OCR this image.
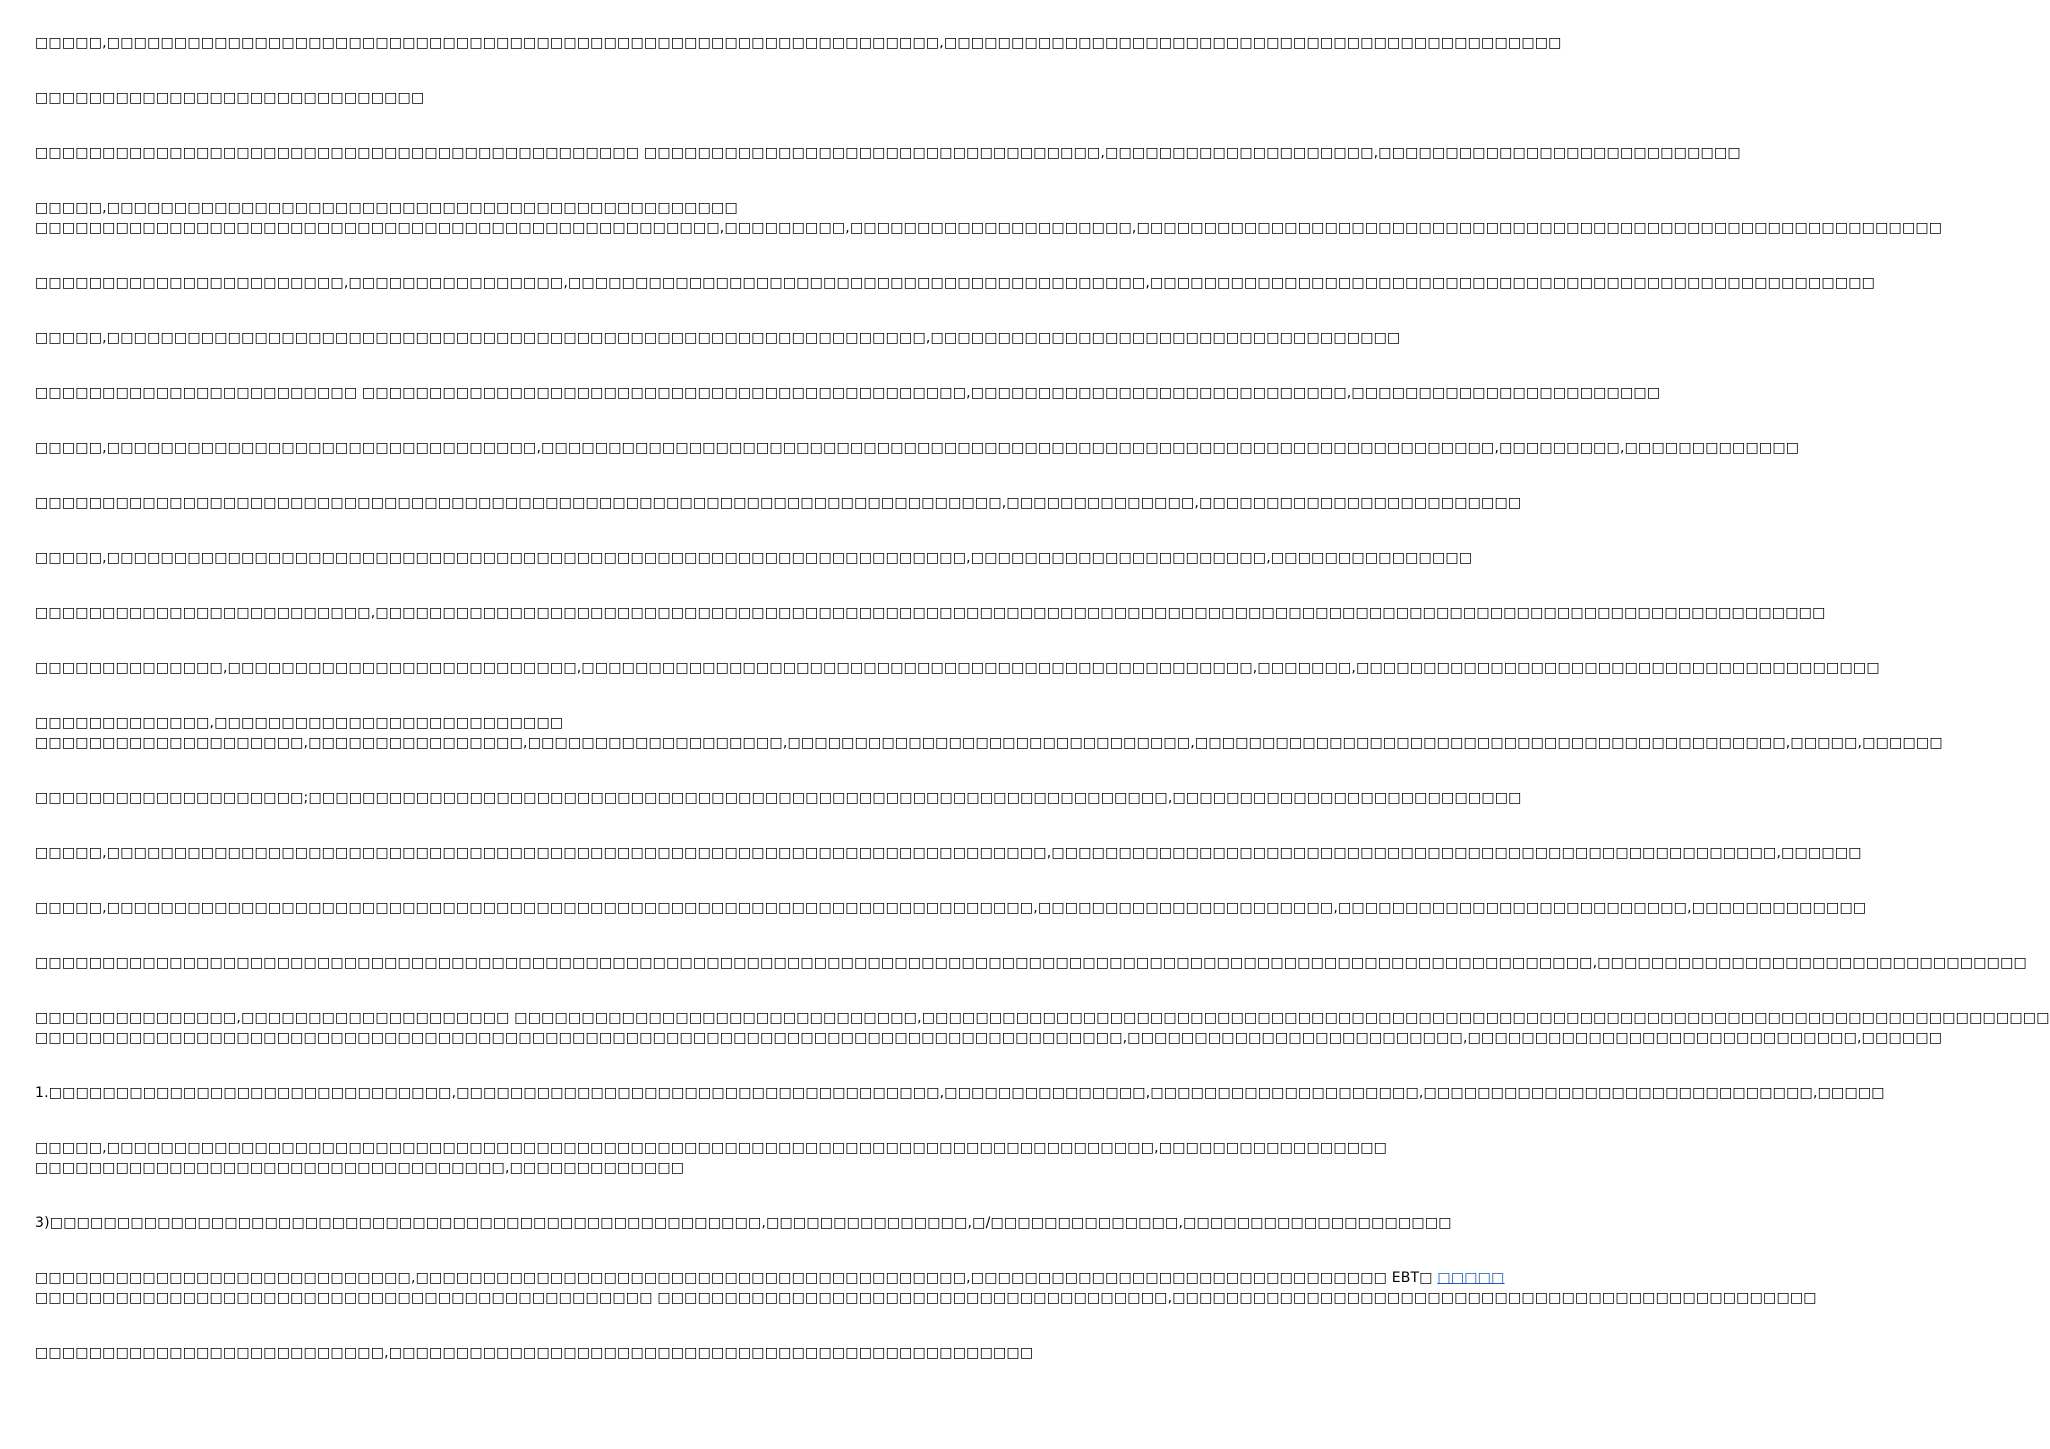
□□□□□,□□□□□□□□□□□□□□□□□□□□□□□□□□□□□□□□□□□□□□□□□□□□□□□□□□□□□□□□□□□□□□,□□□□□□□□□□□□□□□□□□□□□□□□□□□□□□□□□□□□□□□□□□□□□□
□□□□□□□□□□□□□□□□□□□□□□□□□□□□□
□□□□□□□□□□□□□□□□□□□□□□□□□□□□□□□□□□□□□□□□□□□□□ □□□□□□□□□□□□□□□□□□□□□□□□□□□□□□□□□□,□□□□□□□□□□□□□□□□□□□□,□□□□□□□□□□□□□□□□□□□□□□□□□□□
□□□□□,□□□□□□□□□□□□□□□□□□□□□□□□□□□□□□□□□□□□□□□□□□□□□□□
□□□□□□□□□□□□□□□□□□□□□□□□□□□□□□□□□□□□□□□□□□□□□□□□□□□,□□□□□□□□□,□□□□□□□□□□□□□□□□□□□□□,□□□□□□□□□□□□□□□□□□□□□□□□□□□□□□□□□□□□□□□□□□□□□□□□□□□□□□□□□□□□
□□□□□□□□□□□□□□□□□□□□□□□,□□□□□□□□□□□□□□□□,□□□□□□□□□□□□□□□□□□□□□□□□□□□□□□□□□□□□□□□□□□□,□□□□□□□□□□□□□□□□□□□□□□□□□□□□□□□□□□□□□□□□□□□□□□□□□□□□□□
□□□□□,□□□□□□□□□□□□□□□□□□□□□□□□□□□□□□□□□□□□□□□□□□□□□□□□□□□□□□□□□□□□□,□□□□□□□□□□□□□□□□□□□□□□□□□□□□□□□□□□□
□□□□□□□□□□□□□□□□□□□□□□□□ □□□□□□□□□□□□□□□□□□□□□□□□□□□□□□□□□□□□□□□□□□□□□,□□□□□□□□□□□□□□□□□□□□□□□□□□□□,□□□□□□□□□□□□□□□□□□□□□□□
□□□□□,□□□□□□□□□□□□□□□□□□□□□□□□□□□□□□□□,□□□□□□□□□□□□□□□□□□□□□□□□□□□□□□□□□□□□□□□□□□□□□□□□□□□□□□□□□□□□□□□□□□□□□□□,□□□□□□□□□,□□□□□□□□□□□□□
□□□□□□□□□□□□□□□□□□□□□□□□□□□□□□□□□□□□□□□□□□□□□□□□□□□□□□□□□□□□□□□□□□□□□□□□,□□□□□□□□□□□□□□,□□□□□□□□□□□□□□□□□□□□□□□□
□□□□□,□□□□□□□□□□□□□□□□□□□□□□□□□□□□□□□□□□□□□□□□□□□□□□□□□□□□□□□□□□□□□□□□,□□□□□□□□□□□□□□□□□□□□□□,□□□□□□□□□□□□□□□
□□□□□□□□□□□□□□□□□□□□□□□□□,□□□□□□□□□□□□□□□□□□□□□□□□□□□□□□□□□□□□□□□□□□□□□□□□□□□□□□□□□□□□□□□□□□□□□□□□□□□□□□□□□□□□□□□□□□□□□□□□□□□□□□□□□□□□
□□□□□□□□□□□□□□,□□□□□□□□□□□□□□□□□□□□□□□□□□,□□□□□□□□□□□□□□□□□□□□□□□□□□□□□□□□□□□□□□□□□□□□□□□□□□,□□□□□□□,□□□□□□□□□□□□□□□□□□□□□□□□□□□□□□□□□□□□□□□
□□□□□□□□□□□□□,□□□□□□□□□□□□□□□□□□□□□□□□□□
□□□□□□□□□□□□□□□□□□□□,□□□□□□□□□□□□□□□□,□□□□□□□□□□□□□□□□□□□,□□□□□□□□□□□□□□□□□□□□□□□□□□□□□□,□□□□□□□□□□□□□□□□□□□□□□□□□□□□□□□□□□□□□□□□□□□□,□□□□□,□□□□□□
□□□□□□□□□□□□□□□□□□□□;□□□□□□□□□□□□□□□□□□□□□□□□□□□□□□□□□□□□□□□□□□□□□□□□□□□□□□□□□□□□□□□□,□□□□□□□□□□□□□□□□□□□□□□□□□□
□□□□□,□□□□□□□□□□□□□□□□□□□□□□□□□□□□□□□□□□□□□□□□□□□□□□□□□□□□□□□□□□□□□□□□□□□□□□,□□□□□□□□□□□□□□□□□□□□□□□□□□□□□□□□□□□□□□□□□□□□□□□□□□□□□□,□□□□□□
□□□□□,□□□□□□□□□□□□□□□□□□□□□□□□□□□□□□□□□□□□□□□□□□□□□□□□□□□□□□□□□□□□□□□□□□□□□,□□□□□□□□□□□□□□□□□□□□□□,□□□□□□□□□□□□□□□□□□□□□□□□□□,□□□□□□□□□□□□□
□□□□□□□□□□□□□□□□□□□□□□□□□□□□□□□□□□□□□□□□□□□□□□□□□□□□□□□□□□□□□□□□□□□□□□□□□□□□□□□□□□□□□□□□□□□□□□□□□□□□□□□□□□□□□□□□□□□□,□□□□□□□□□□□□□□□□□□□□□□□□□□□□□□□□
□□□□□□□□□□□□□□□,□□□□□□□□□□□□□□□□□□□□ □□□□□□□□□□□□□□□□□□□□□□□□□□□□□□,□□□□□□□□□□□□□□□□□□□□□□□□□□□□□□□□□□□□□□□□□□□□□□□□□□□□□□□□□□□□□□□□□□□□□□□□□□□□□□□□□□□□
□□□□□□□□□□□□□□□□□□□□□□□□□□□□□□□□□□□□□□□□□□□□□□□□□□□□□□□□□□□□□□□□□□□□□□□□□□□□□□□□□,□□□□□□□□□□□□□□□□□□□□□□□□□,□□□□□□□□□□□□□□□□□□□□□□□□□□□□□,□□□□□□
1.□□□□□□□□□□□□□□□□□□□□□□□□□□□□□□,□□□□□□□□□□□□□□□□□□□□□□□□□□□□□□□□□□□□,□□□□□□□□□□□□□□□,□□□□□□□□□□□□□□□□□□□□,□□□□□□□□□□□□□□□□□□□□□□□□□□□□□,□□□□□
□□□□□,□□□□□□□□□□□□□□□□□□□□□□□□□□□□□□□□□□□□□□□□□□□□□□□□□□□□□□□□□□□□□□□□□□□□□□□□□□□□□□,□□□□□□□□□□□□□□□□□
□□□□□□□□□□□□□□□□□□□□□□□□□□□□□□□□□□□,□□□□□□□□□□□□□
3)□□□□□□□□□□□□□□□□□□□□□□□□□□□□□□□□□□□□□□□□□□□□□□□□□□□□□,□□□□□□□□□□□□□□□,□/□□□□□□□□□□□□□□,□□□□□□□□□□□□□□□□□□□□
□□□□□□□□□□□□□□□□□□□□□□□□□□□□,□□□□□□□□□□□□□□□□□□□□□□□□□□□□□□□□□□□□□□□□□,□□□□□□□□□□□□□□□□□□□□□□□□□□□□□□□ EBT□ □□□□□
□□□□□□□□□□□□□□□□□□□□□□□□□□□□□□□□□□□□□□□□□□□□□□ □□□□□□□□□□□□□□□□□□□□□□□□□□□□□□□□□□□□□□,□□□□□□□□□□□□□□□□□□□□□□□□□□□□□□□□□□□□□□□□□□□□□□□□
□□□□□□□□□□□□□□□□□□□□□□□□□□,□□□□□□□□□□□□□□□□□□□□□□□□□□□□□□□□□□□□□□□□□□□□□□□□
